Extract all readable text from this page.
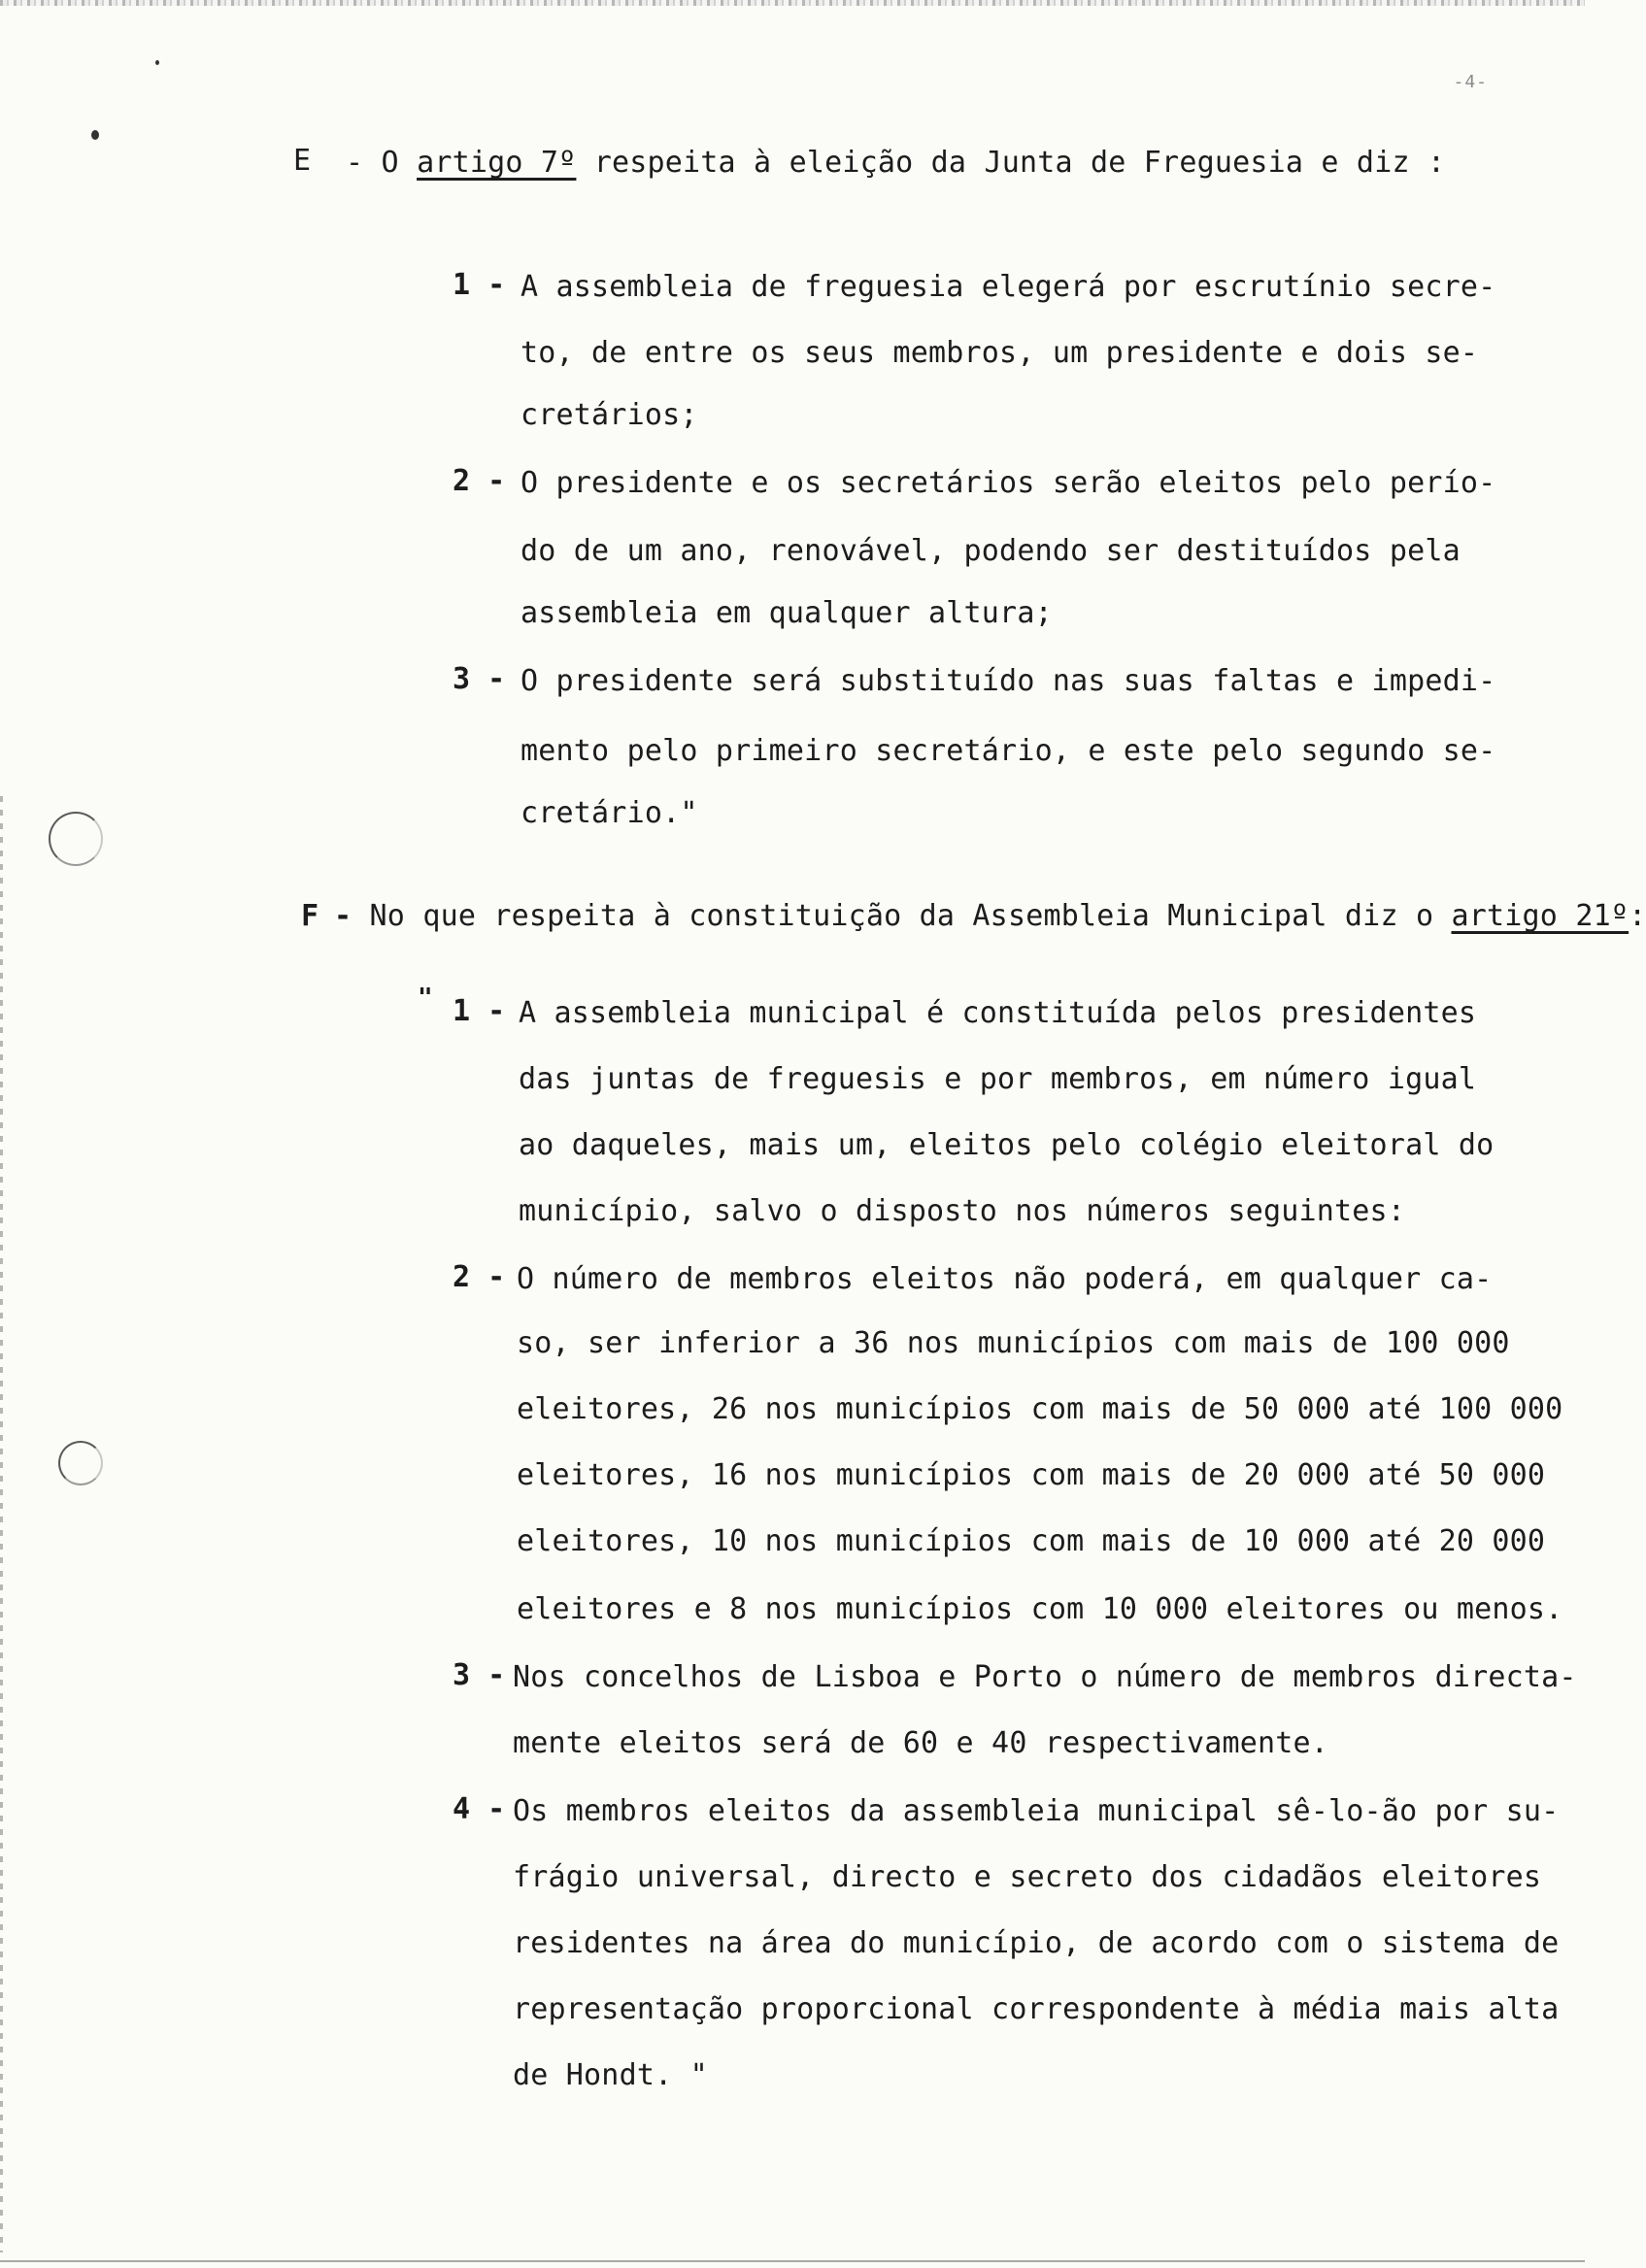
-4-
E - O artigo 7º respeita à eleição da Junta de Freguesia e diz :
1 - A assembleia de freguesia elegerá por escrutínio secre-
to, de entre os seus membros, um presidente e dois se-
cretários;
2 - O presidente e os secretários serão eleitos pelo perío-
do de um ano, renovável, podendo ser destituídos pela
assembleia em qualquer altura;
3 - O presidente será substituído nas suas faltas e impedi-
mento pelo primeiro secretário, e este pelo segundo se-
cretário."
F - No que respeita à constituição da Assembleia Municipal diz o artigo 21º:
" 1 - A assembleia municipal é constituída pelos presidentes
das juntas de freguesis e por membros, em número igual
ao daqueles, mais um, eleitos pelo colégio eleitoral do
município, salvo o disposto nos números seguintes:
2 - O número de membros eleitos não poderá, em qualquer ca-
so, ser inferior a 36 nos municípios com mais de 100 000
eleitores, 26 nos municípios com mais de 50 000 até 100 000
eleitores, 16 nos municípios com mais de 20 000 até 50 000
eleitores, 10 nos municípios com mais de 10 000 até 20 000
eleitores e 8 nos municípios com 10 000 eleitores ou menos.
3 - Nos concelhos de Lisboa e Porto o número de membros directa-
mente eleitos será de 60 e 40 respectivamente.
4 - Os membros eleitos da assembleia municipal sê-lo-ão por su-
frágio universal, directo e secreto dos cidadãos eleitores
residentes na área do município, de acordo com o sistema de
representação proporcional correspondente à média mais alta
de Hondt. "
